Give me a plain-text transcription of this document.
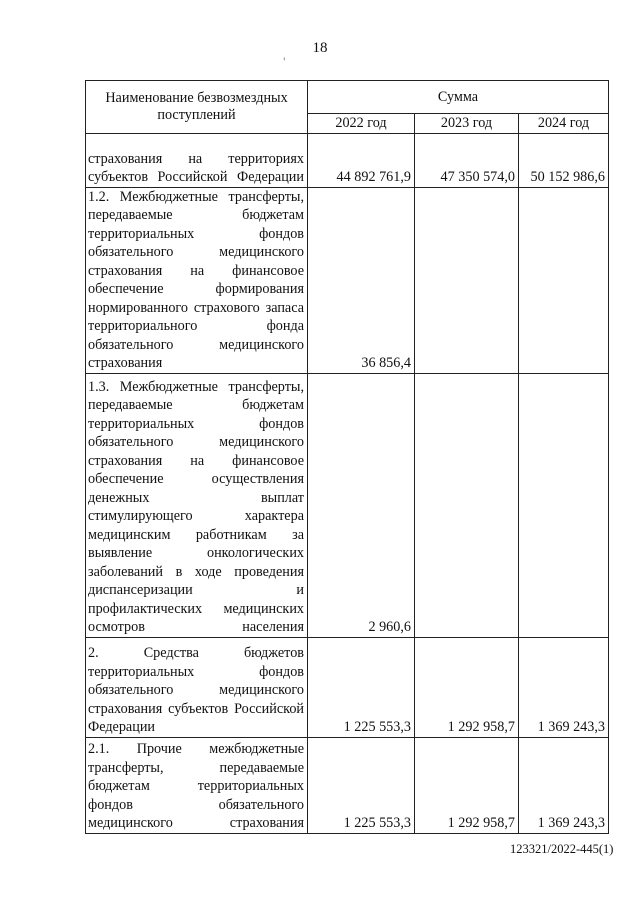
18
‹
Наименование безвозмездных поступлений	Сумма		
	2022 год	2023 год	2024 год
страхования на территориях субъектов Российской Федерации	44 892 761,9	47 350 574,0	50 152 986,6
1.2. Межбюджетные трансферты, передаваемые бюджетам территориальных фондов обязательного медицинского страхования на финансовое обеспечение формирования нормированного страхового запаса территориального фонда обязательного медицинского страхования	36 856,4		
1.3. Межбюджетные трансферты, передаваемые бюджетам территориальных фондов обязательного медицинского страхования на финансовое обеспечение осуществления денежных выплат стимулирующего характера медицинским работникам за выявление онкологических заболеваний в ходе проведения диспансеризации и профилактических медицинских осмотров населения	2 960,6		
2. Средства бюджетов территориальных фондов обязательного медицинского страхования субъектов Российской Федерации	1 225 553,3	1 292 958,7	1 369 243,3
2.1. Прочие межбюджетные трансферты, передаваемые бюджетам территориальных фондов обязательного медицинского страхования	1 225 553,3	1 292 958,7	1 369 243,3
123321/2022-445(1)
